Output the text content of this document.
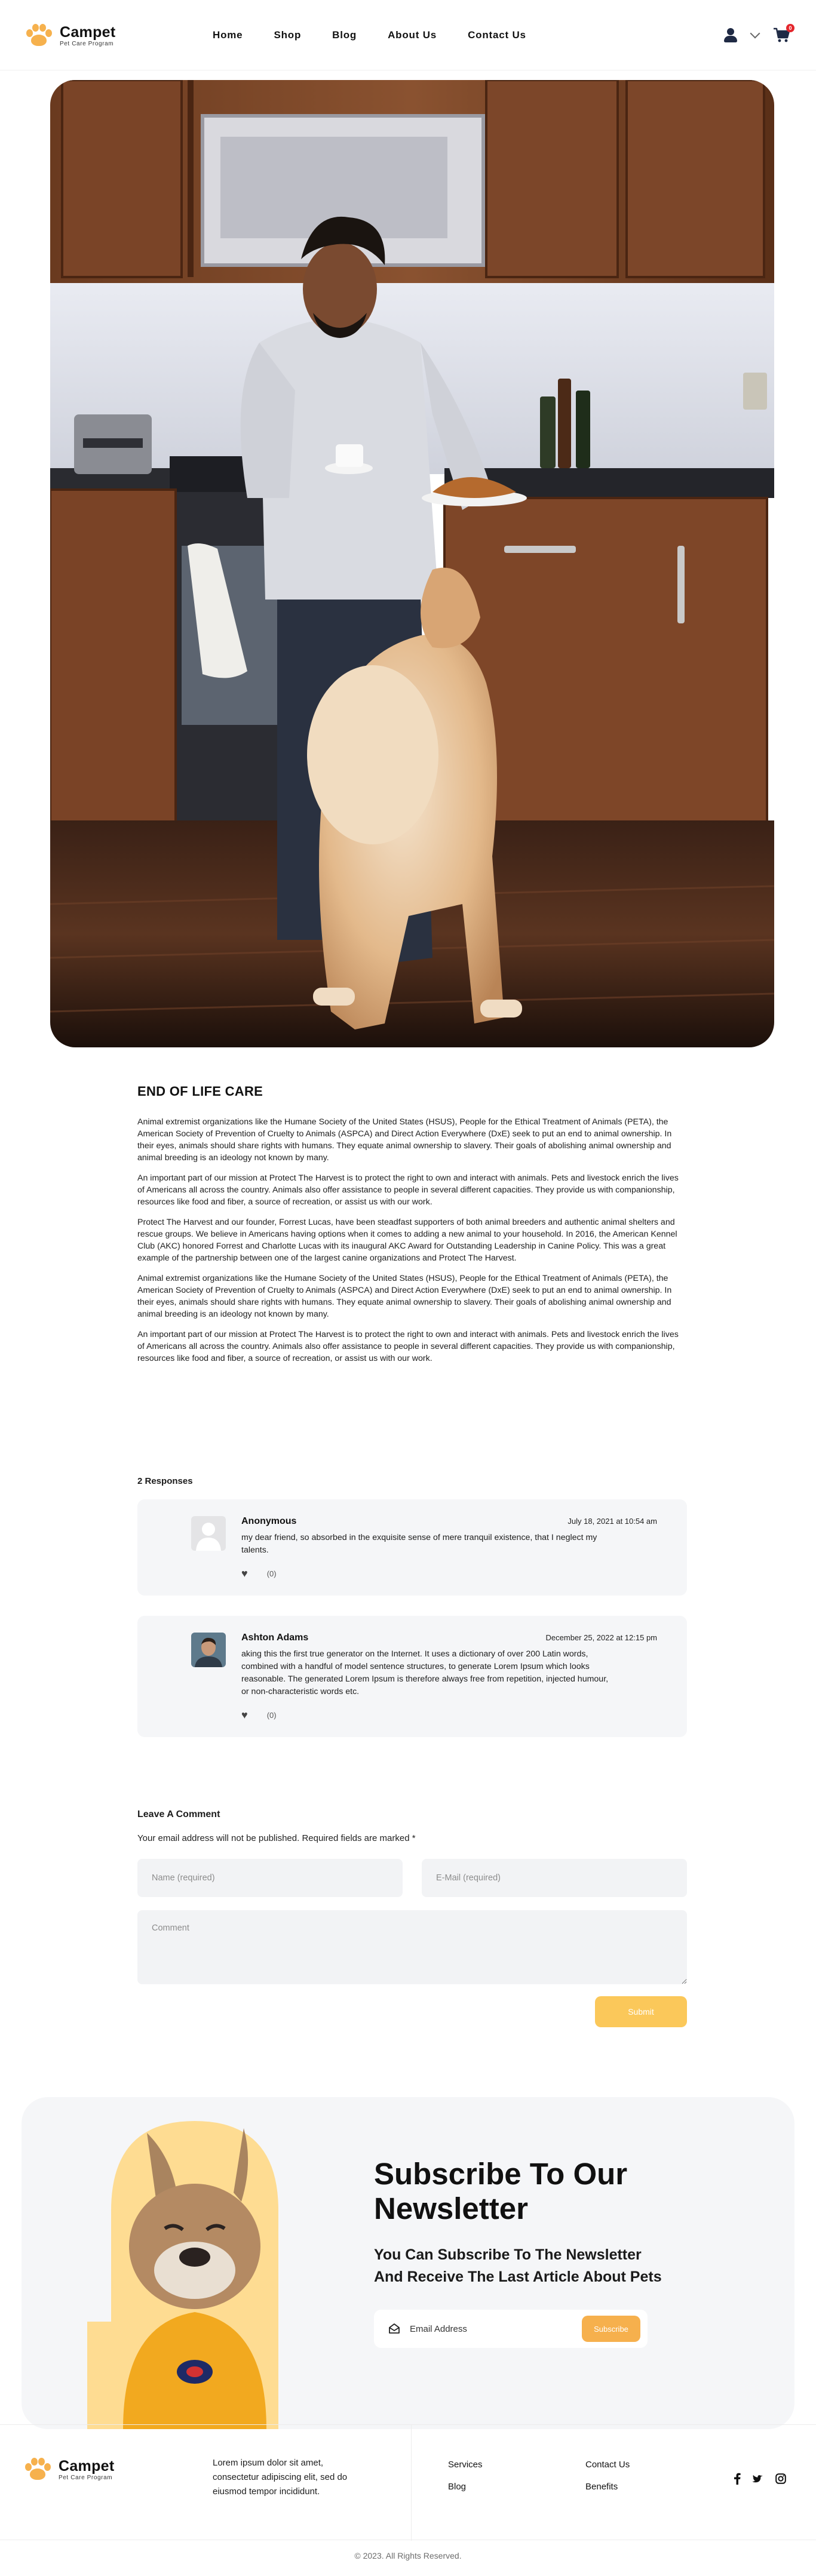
Campet
Pet Care Program
Home	Shop	Blog	About Us	Contact Us
0
END OF LIFE CARE

Animal extremist organizations like the Humane Society of the United States (HSUS), People for the Ethical Treatment of Animals (PETA), the American Society of Prevention of Cruelty to Animals (ASPCA) and Direct Action Everywhere (DxE) seek to put an end to animal ownership. In their eyes, animals should share rights with humans. They equate animal ownership to slavery. Their goals of abolishing animal ownership and animal breeding is an ideology not known by many.

An important part of our mission at Protect The Harvest is to protect the right to own and interact with animals. Pets and livestock enrich the lives of Americans all across the country. Animals also offer assistance to people in several different capacities. They provide us with companionship, resources like food and fiber, a source of recreation, or assist us with our work.

Protect The Harvest and our founder, Forrest Lucas, have been steadfast supporters of both animal breeders and authentic animal shelters and rescue groups. We believe in Americans having options when it comes to adding a new animal to your household. In 2016, the American Kennel Club (AKC) honored Forrest and Charlotte Lucas with its inaugural AKC Award for Outstanding Leadership in Canine Policy. This was a great example of the partnership between one of the largest canine organizations and Protect The Harvest.

Animal extremist organizations like the Humane Society of the United States (HSUS), People for the Ethical Treatment of Animals (PETA), the American Society of Prevention of Cruelty to Animals (ASPCA) and Direct Action Everywhere (DxE) seek to put an end to animal ownership. In their eyes, animals should share rights with humans. They equate animal ownership to slavery. Their goals of abolishing animal ownership and animal breeding is an ideology not known by many.

An important part of our mission at Protect The Harvest is to protect the right to own and interact with animals. Pets and livestock enrich the lives of Americans all across the country. Animals also offer assistance to people in several different capacities. They provide us with companionship, resources like food and fiber, a source of recreation, or assist us with our work.

2 Responses
Anonymous	July 18, 2021 at 10:54 am
my dear friend, so absorbed in the exquisite sense of mere tranquil existence, that I neglect my talents.
♥ (0)
Ashton Adams	December 25, 2022 at 12:15 pm
aking this the first true generator on the Internet. It uses a dictionary of over 200 Latin words, combined with a handful of model sentence structures, to generate Lorem Ipsum which looks reasonable. The generated Lorem Ipsum is therefore always free from repetition, injected humour, or non-characteristic words etc.
♥ (0)
Leave A Comment
Your email address will not be published. Required fields are marked *
Name (required)
E-Mail (required)
Comment
Submit
Subscribe To Our Newsletter
You Can Subscribe To The Newsletter And Receive The Last Article About Pets
Email Address
Subscribe
Campet
Pet Care Program
Lorem ipsum dolor sit amet, consectetur adipiscing elit, sed do eiusmod tempor incididunt.
Services	Contact Us
Blog	Benefits
© 2023. All Rights Reserved.
